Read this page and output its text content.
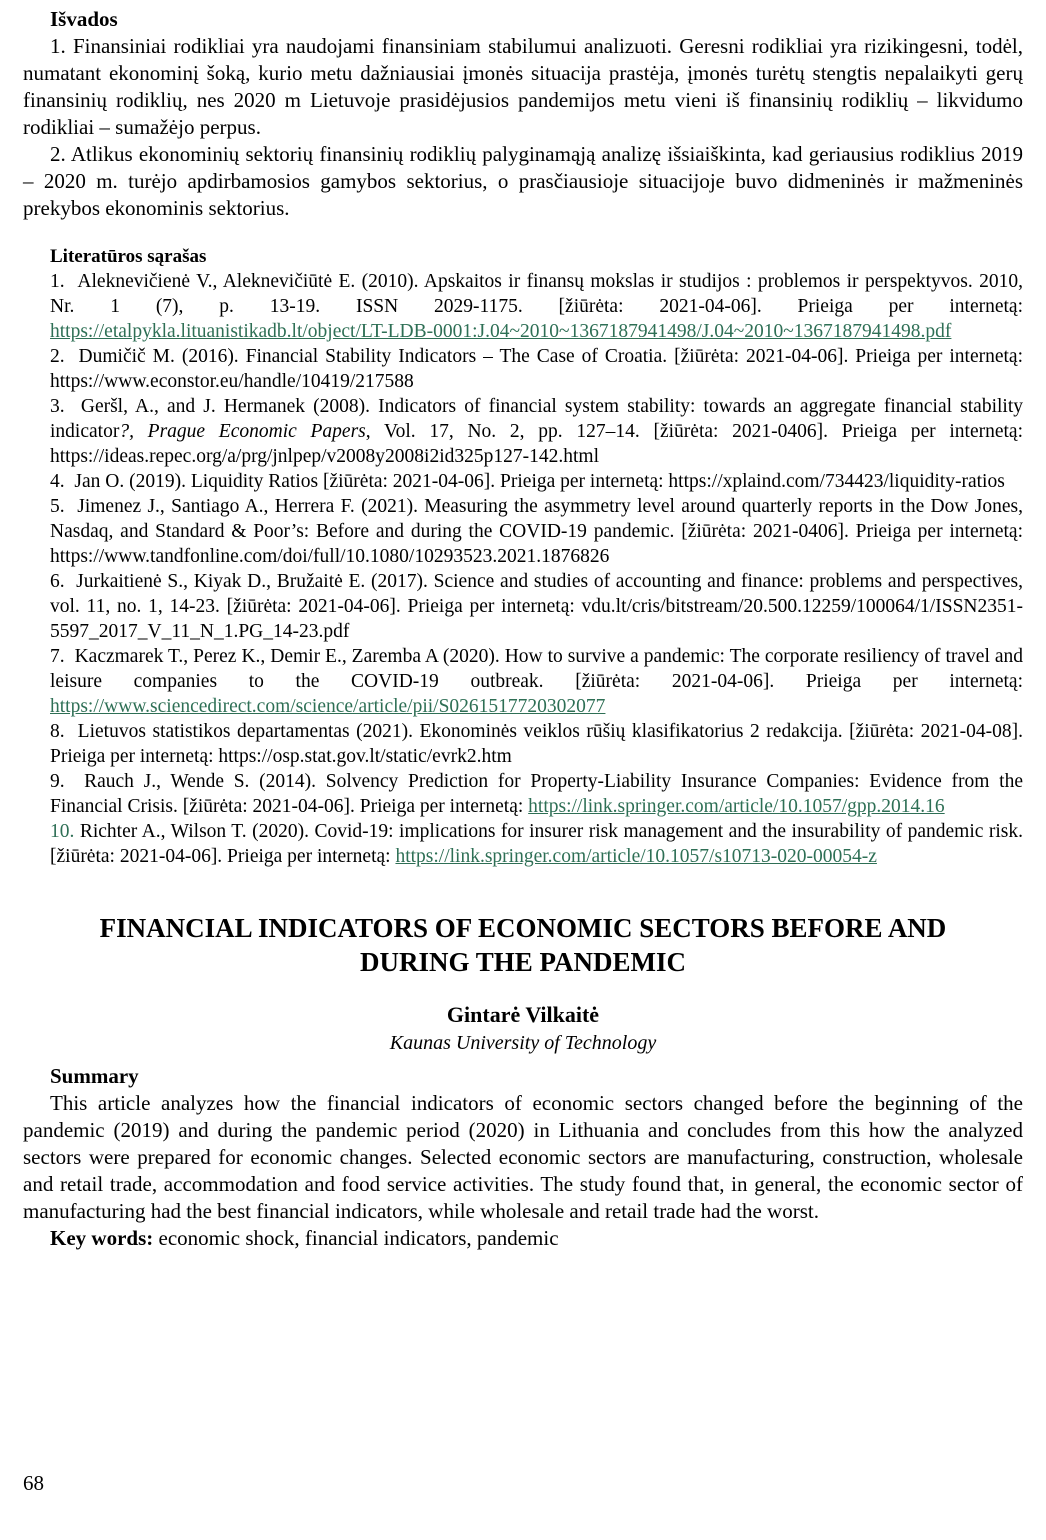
Išvados

1. Finansiniai rodikliai yra naudojami finansiniam stabilumui analizuoti. Geresni rodikliai yra rizikingesni, todėl, numatant ekonominį šoką, kurio metu dažniausiai įmonės situacija prastėja, įmonės turėtų stengtis nepalaikyti gerų finansinių rodiklių, nes 2020 m Lietuvoje prasidėjusios pandemijos metu vieni iš finansinių rodiklių – likvidumo rodikliai – sumažėjo perpus.

2. Atlikus ekonominių sektorių finansinių rodiklių palyginamąją analizę išsiaiškinta, kad geriausius rodiklius 2019 – 2020 m. turėjo apdirbamosios gamybos sektorius, o prasčiausioje situacijoje buvo didmeninės ir mažmeninės prekybos ekonominis sektorius.

Literatūros sąrašas

1.  Aleknevičienė V., Aleknevičiūtė E. (2010). Apskaitos ir finansų mokslas ir studijos : problemos ir perspektyvos. 2010, Nr. 1 (7), p. 13-19. ISSN 2029-1175. [žiūrėta: 2021-04-06]. Prieiga per internetą: https://etalpykla.lituanistikadb.lt/object/LT-LDB-0001:J.04~2010~1367187941498/J.04~2010~1367187941498.pdf

2.  Dumičič M. (2016). Financial Stability Indicators – The Case of Croatia. [žiūrėta: 2021-04-06]. Prieiga per internetą: https://www.econstor.eu/handle/10419/217588

3.  Geršl, A., and J. Hermanek (2008). Indicators of financial system stability: towards an aggregate financial stability indicator?, Prague Economic Papers, Vol. 17, No. 2, pp. 127–14. [žiūrėta: 2021-0406]. Prieiga per internetą: https://ideas.repec.org/a/prg/jnlpep/v2008y2008i2id325p127-142.html

4.  Jan O. (2019). Liquidity Ratios [žiūrėta: 2021-04-06]. Prieiga per internetą: https://xplaind.com/734423/liquidity-ratios

5.  Jimenez J., Santiago A., Herrera F. (2021). Measuring the asymmetry level around quarterly reports in the Dow Jones, Nasdaq, and Standard & Poor’s: Before and during the COVID-19 pandemic. [žiūrėta: 2021-0406]. Prieiga per internetą: https://www.tandfonline.com/doi/full/10.1080/10293523.2021.1876826

6.  Jurkaitienė S., Kiyak D., Bružaitė E. (2017). Science and studies of accounting and finance: problems and perspectives, vol. 11, no. 1, 14-23. [žiūrėta: 2021-04-06]. Prieiga per internetą: vdu.lt/cris/bitstream/20.500.12259/100064/1/ISSN2351-5597_2017_V_11_N_1.PG_14-23.pdf

7.  Kaczmarek T., Perez K., Demir E., Zaremba A (2020). How to survive a pandemic: The corporate resiliency of travel and leisure companies to the COVID-19 outbreak. [žiūrėta: 2021-04-06]. Prieiga per internetą: https://www.sciencedirect.com/science/article/pii/S0261517720302077

8.  Lietuvos statistikos departamentas (2021). Ekonominės veiklos rūšių klasifikatorius 2 redakcija. [žiūrėta: 2021-04-08]. Prieiga per internetą: https://osp.stat.gov.lt/static/evrk2.htm

9.  Rauch J., Wende S. (2014). Solvency Prediction for Property-Liability Insurance Companies: Evidence from the Financial Crisis. [žiūrėta: 2021-04-06]. Prieiga per internetą: https://link.springer.com/article/10.1057/gpp.2014.16

10. Richter A., Wilson T. (2020). Covid-19: implications for insurer risk management and the insurability of pandemic risk. [žiūrėta: 2021-04-06]. Prieiga per internetą: https://link.springer.com/article/10.1057/s10713-020-00054-z

FINANCIAL INDICATORS OF ECONOMIC SECTORS BEFORE AND DURING THE PANDEMIC

Gintarė Vilkaitė

Kaunas University of Technology

Summary

This article analyzes how the financial indicators of economic sectors changed before the beginning of the pandemic (2019) and during the pandemic period (2020) in Lithuania and concludes from this how the analyzed sectors were prepared for economic changes. Selected economic sectors are manufacturing, construction, wholesale and retail trade, accommodation and food service activities. The study found that, in general, the economic sector of manufacturing had the best financial indicators, while wholesale and retail trade had the worst.

Key words: economic shock, financial indicators, pandemic

68
